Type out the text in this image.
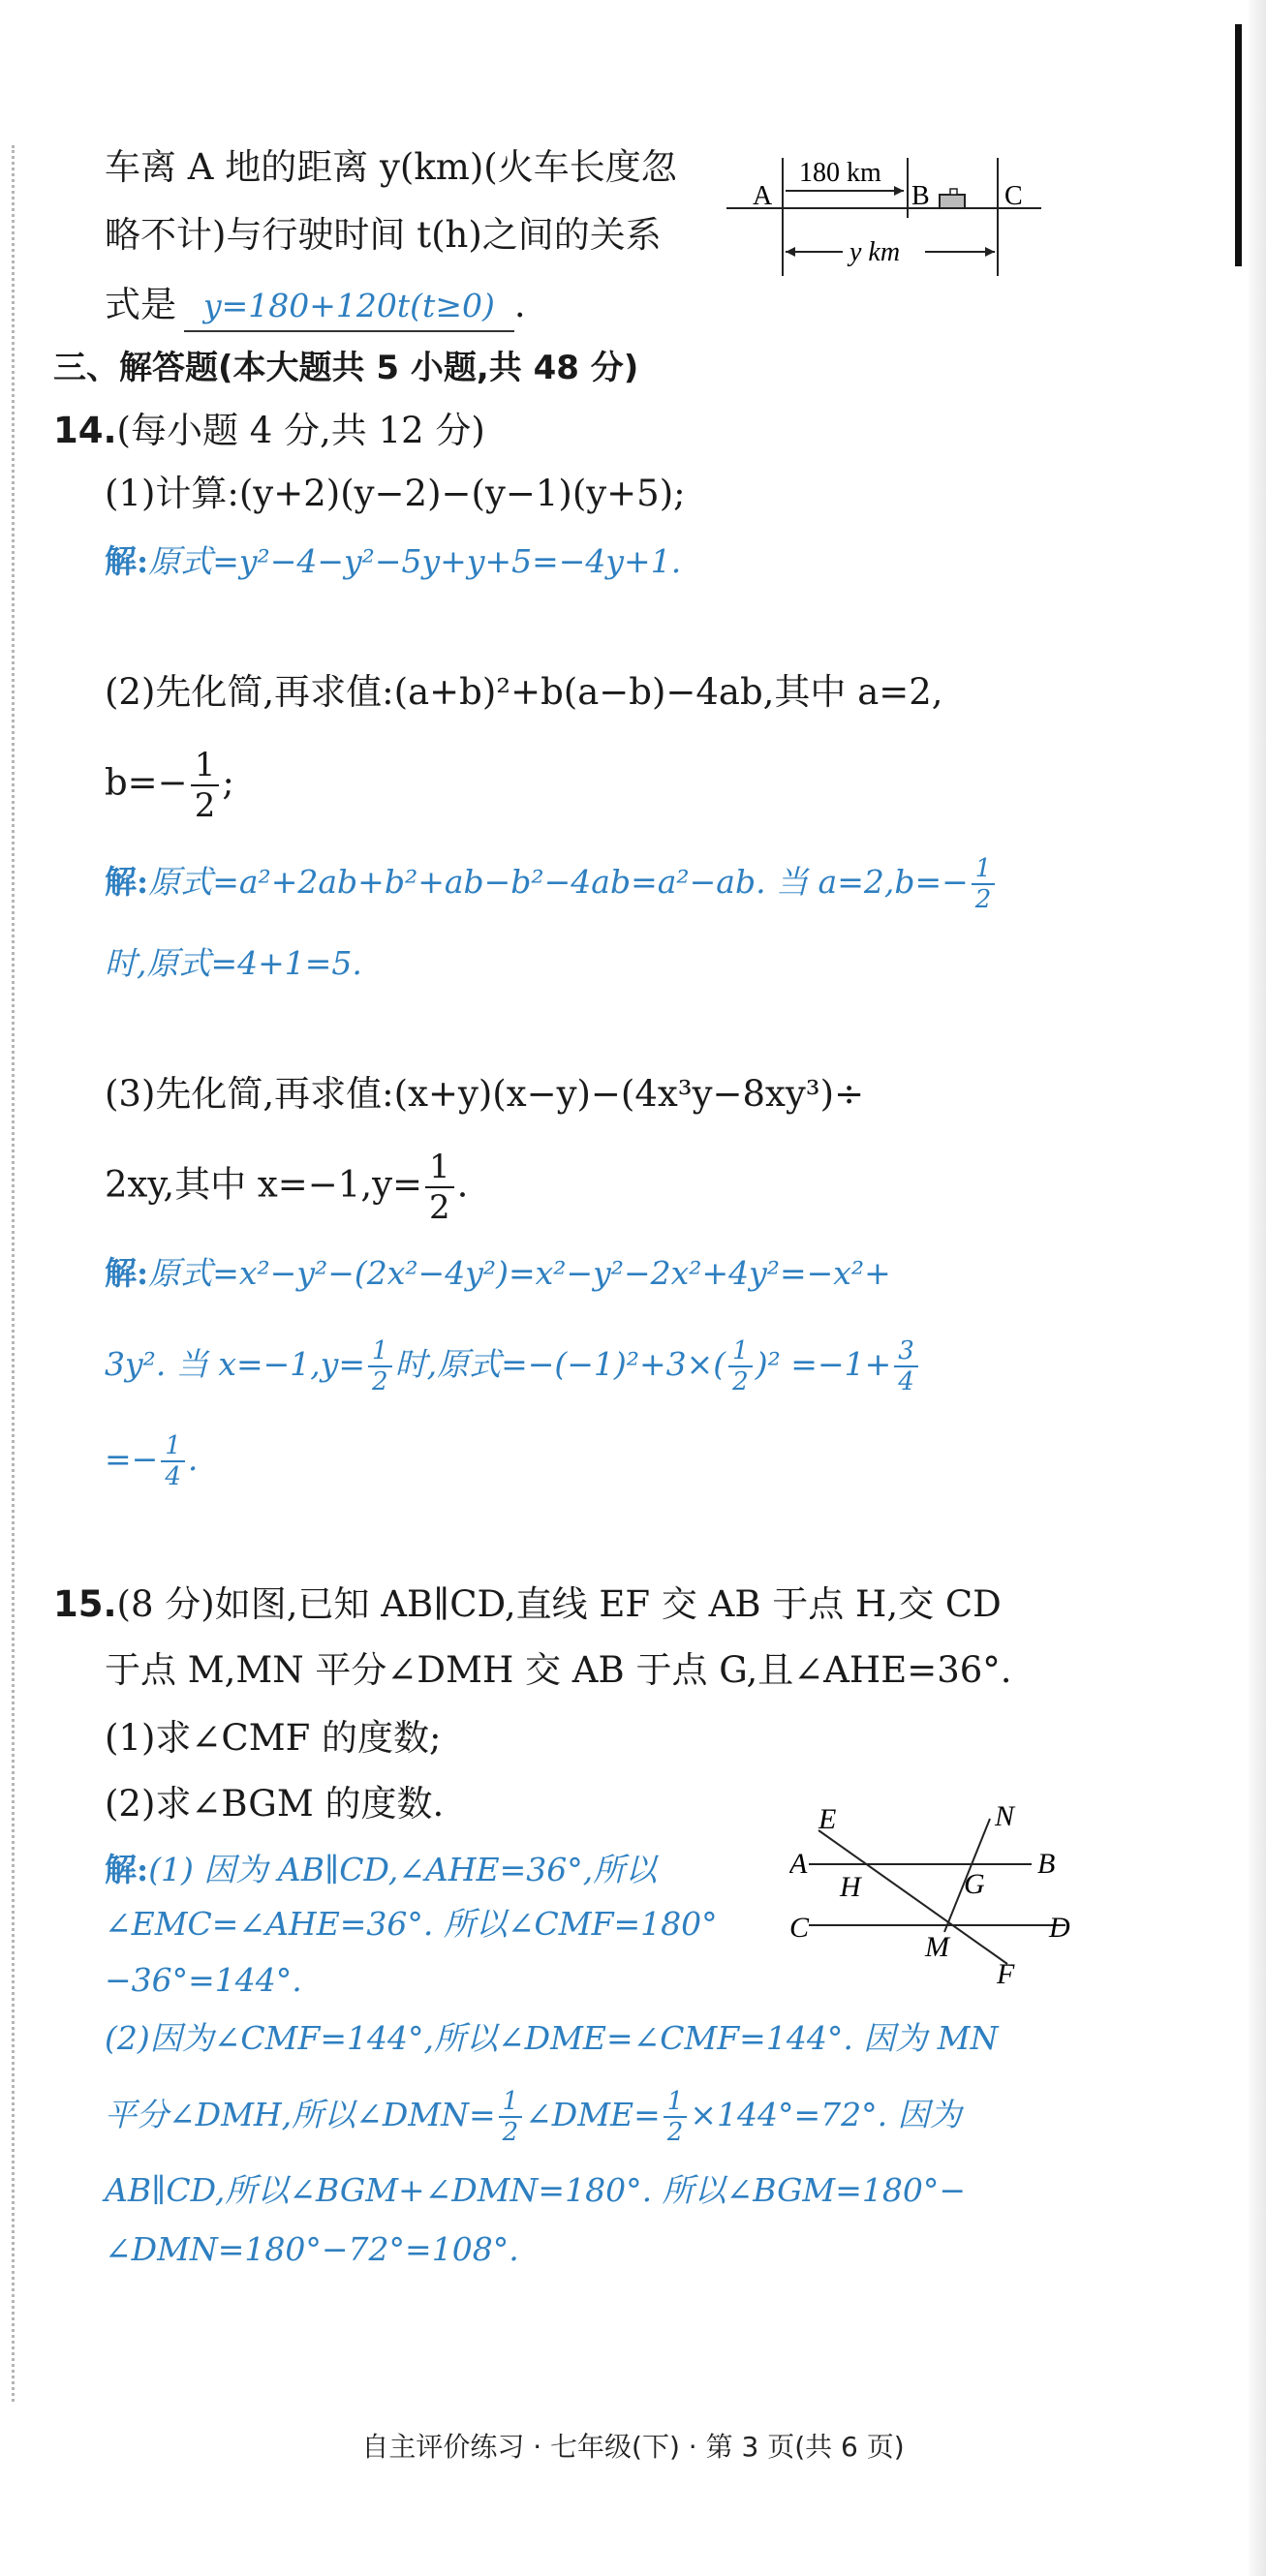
车离 A 地的距离 y(km)(火车长度忽
略不计)与行驶时间 t(h)之间的关系
式是 y=180+120t(t≥0) .
180 km
A	B	C
y km
三、解答题(本大题共 5 小题,共 48 分)
14.(每小题 4 分,共 12 分)
(1)计算:(y+2)(y−2)−(y−1)(y+5);
解:原式=y²−4−y²−5y+y+5=−4y+1.
(2)先化简,再求值:(a+b)²+b(a−b)−4ab,其中 a=2,
$b=- \frac{1}{2}$ ;
解:原式=a²+2ab+b²+ab−b²−4ab=a²−ab. 当 $a=2,b=- \frac{1}{2}$
时,原式=4+1=5.
(3)先化简,再求值:(x+y)(x−y)−(4x³y−8xy³)÷
2xy,其中 $x=-1,y= \frac{1}{2}$ .
解:原式=x²−y²−(2x²−4y²)=x²−y²−2x²+4y²=−x²+
3y². 当 $x=-1,y= \frac{1}{2}$ 时,原式$=-(-1)^2+3\times( \frac{1}{2} )^2 =-1+ \frac{3}{4}$
=− $\frac{1}{4}$ .
15.(8 分)如图,已知 AB∥CD,直线 EF 交 AB 于点 H,交 CD
于点 M,MN 平分∠DMH 交 AB 于点 G,且∠AHE=36°.
(1)求∠CMF 的度数;
(2)求∠BGM 的度数.
解:(1) 因为 AB∥CD,∠AHE=36°,所以
∠EMC=∠AHE=36°. 所以∠CMF=180°
−36°=144°.
(2)因为∠CMF=144°,所以∠DME=∠CMF=144°. 因为 MN
平分∠DMH,所以∠DMN= $\frac{1}{2}$ ∠DME= $\frac{1}{2} \times 144^\circ=72^\circ$. 因为
AB∥CD,所以∠BGM+∠DMN=180°. 所以∠BGM=180°−
∠DMN=180°−72°=108°.
E	N
A
H	G
B
C
M
D
F
自主评价练习 · 七年级(下) · 第 3 页(共 6 页)
